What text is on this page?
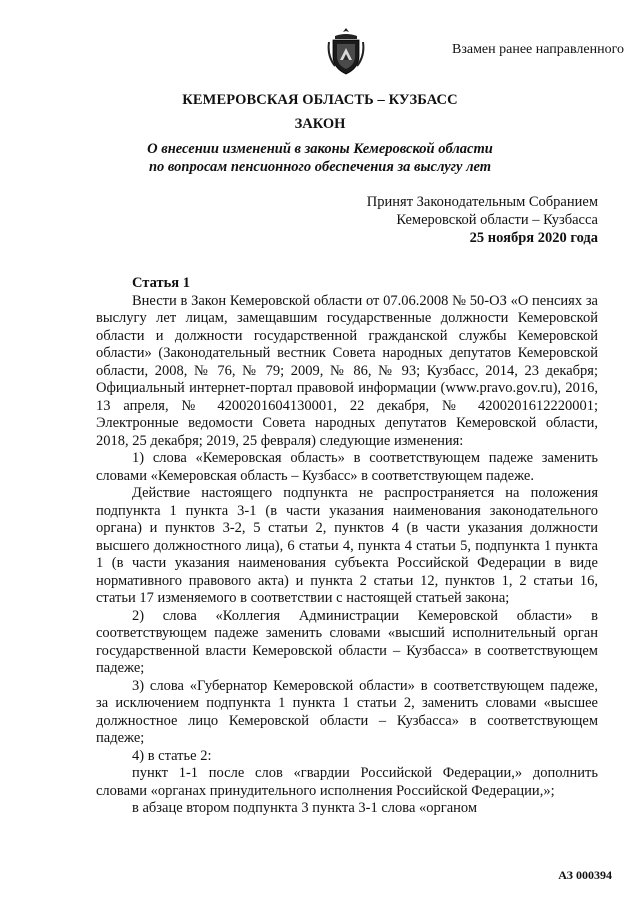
Взамен ранее направленного
КЕМЕРОВСКАЯ ОБЛАСТЬ – КУЗБАСС
ЗАКОН
О внесении изменений в законы Кемеровской области
по вопросам пенсионного обеспечения за выслугу лет
Принят Законодательным Собранием
Кемеровской области – Кузбасса
25 ноября 2020 года
Статья 1

Внести в Закон Кемеровской области от 07.06.2008 № 50-ОЗ «О пенсиях за выслугу лет лицам, замещавшим государственные должности Кемеровской области и должности государственной гражданской службы Кемеровской области» (Законодательный вестник Совета народных депутатов Кемеровской области, 2008, № 76, № 79; 2009, № 86, № 93; Кузбасс, 2014, 23 декабря; Официальный интернет-портал правовой информации (www.pravo.gov.ru), 2016, 13 апреля, № 4200201604130001, 22 декабря, № 4200201612220001; Электронные ведомости Совета народных депутатов Кемеровской области, 2018, 25 декабря; 2019, 25 февраля) следующие изменения:

1) слова «Кемеровская область» в соответствующем падеже заменить словами «Кемеровская область – Кузбасс» в соответствующем падеже.

Действие настоящего подпункта не распространяется на положения подпункта 1 пункта 3-1 (в части указания наименования законодательного органа) и пунктов 3-2, 5 статьи 2, пунктов 4 (в части указания должности высшего должностного лица), 6 статьи 4, пункта 4 статьи 5, подпункта 1 пункта 1 (в части указания наименования субъекта Российской Федерации в виде нормативного правового акта) и пункта 2 статьи 12, пунктов 1, 2 статьи 16, статьи 17 изменяемого в соответствии с настоящей статьей закона;

2) слова «Коллегия Администрации Кемеровской области» в соответствующем падеже заменить словами «высший исполнительный орган государственной власти Кемеровской области – Кузбасса» в соответствующем падеже;

3) слова «Губернатор Кемеровской области» в соответствующем падеже, за исключением подпункта 1 пункта 1 статьи 2, заменить словами «высшее должностное лицо Кемеровской области – Кузбасса» в соответствующем падеже;

4) в статье 2:

пункт 1-1 после слов «гвардии Российской Федерации,» дополнить словами «органах принудительного исполнения Российской Федерации,»;

в абзаце втором подпункта 3 пункта 3-1 слова «органом

АЗ 000394
